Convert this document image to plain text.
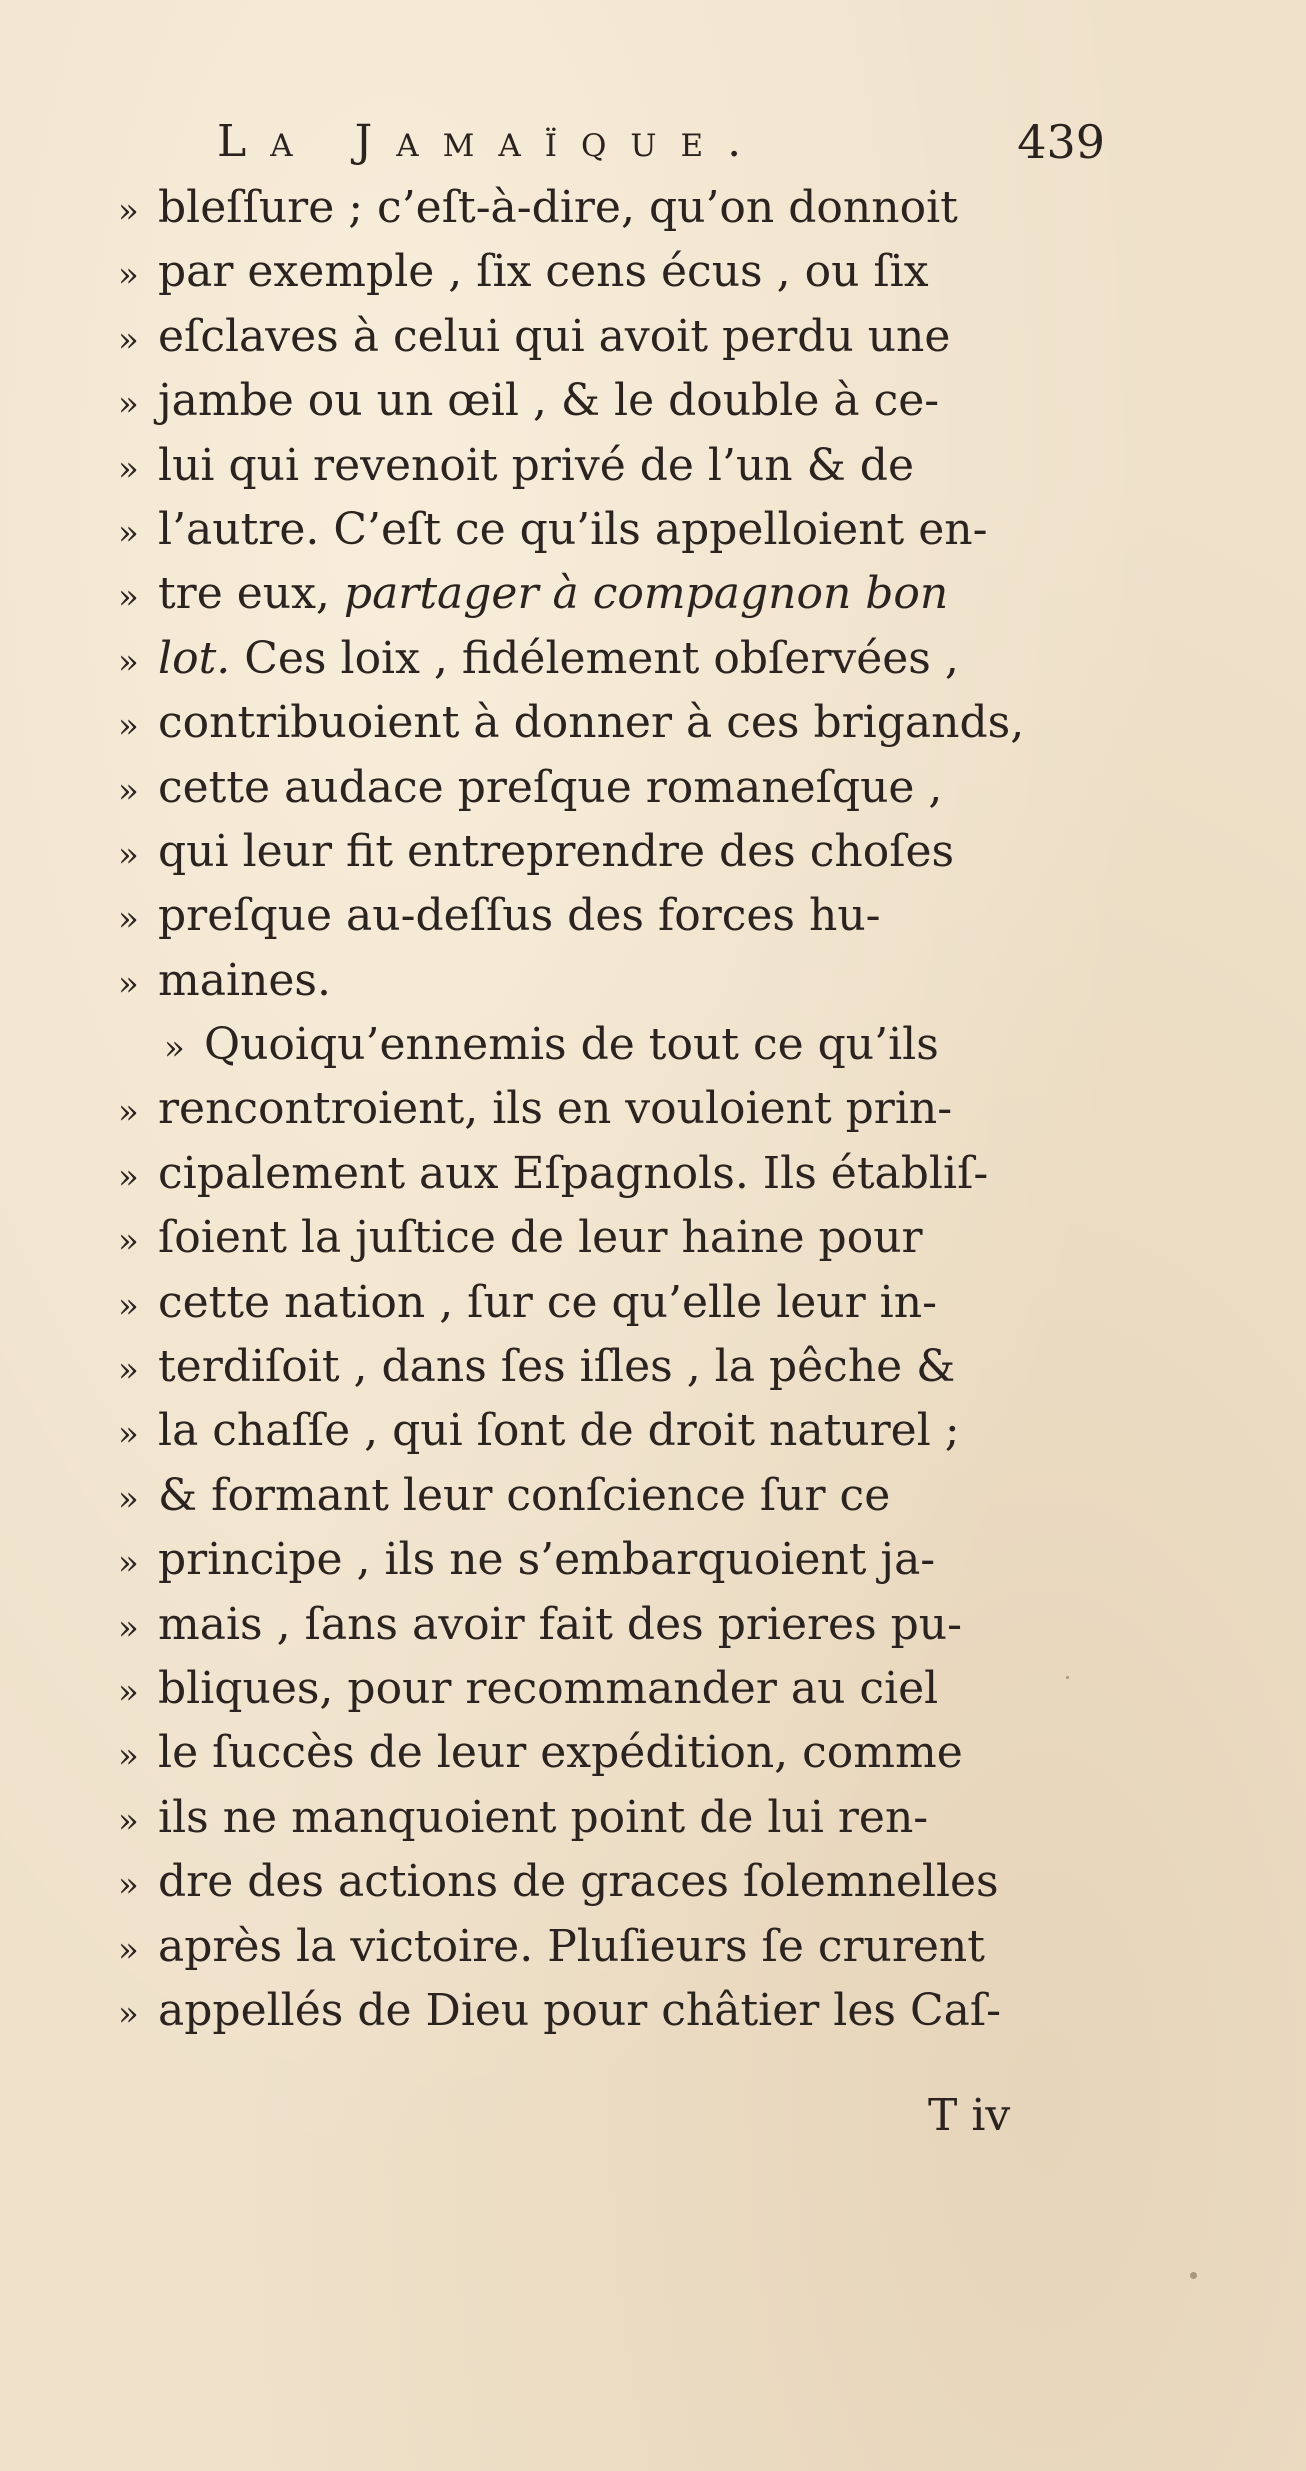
La Jamaïque.	439
» bleſſure ; c’eſt-à-dire, qu’on donnoit
» par exemple , ſix cens écus , ou ſix
» eſclaves à celui qui avoit perdu une
» jambe ou un œil , & le double à ce-
» lui qui revenoit privé de l’un & de
» l’autre. C’eſt ce qu’ils appelloient en-
» tre eux, partager à compagnon bon
» lot. Ces loix , fidélement obſervées ,
» contribuoient à donner à ces brigands,
» cette audace preſque romaneſque ,
» qui leur fit entreprendre des choſes
» preſque au-deſſus des forces hu-
» maines.
» Quoiqu’ennemis de tout ce qu’ils
» rencontroient, ils en vouloient prin-
» cipalement aux Eſpagnols. Ils établiſ-
» ſoient la juſtice de leur haine pour
» cette nation , ſur ce qu’elle leur in-
» terdiſoit , dans ſes iſles , la pêche &
» la chaſſe , qui ſont de droit naturel ;
» & formant leur conſcience ſur ce
» principe , ils ne s’embarquoient ja-
» mais , ſans avoir fait des prieres pu-
» bliques, pour recommander au ciel
» le ſuccès de leur expédition, comme
» ils ne manquoient point de lui ren-
» dre des actions de graces ſolemnelles
» après la victoire. Pluſieurs ſe crurent
» appellés de Dieu pour châtier les Caſ-
T iv
